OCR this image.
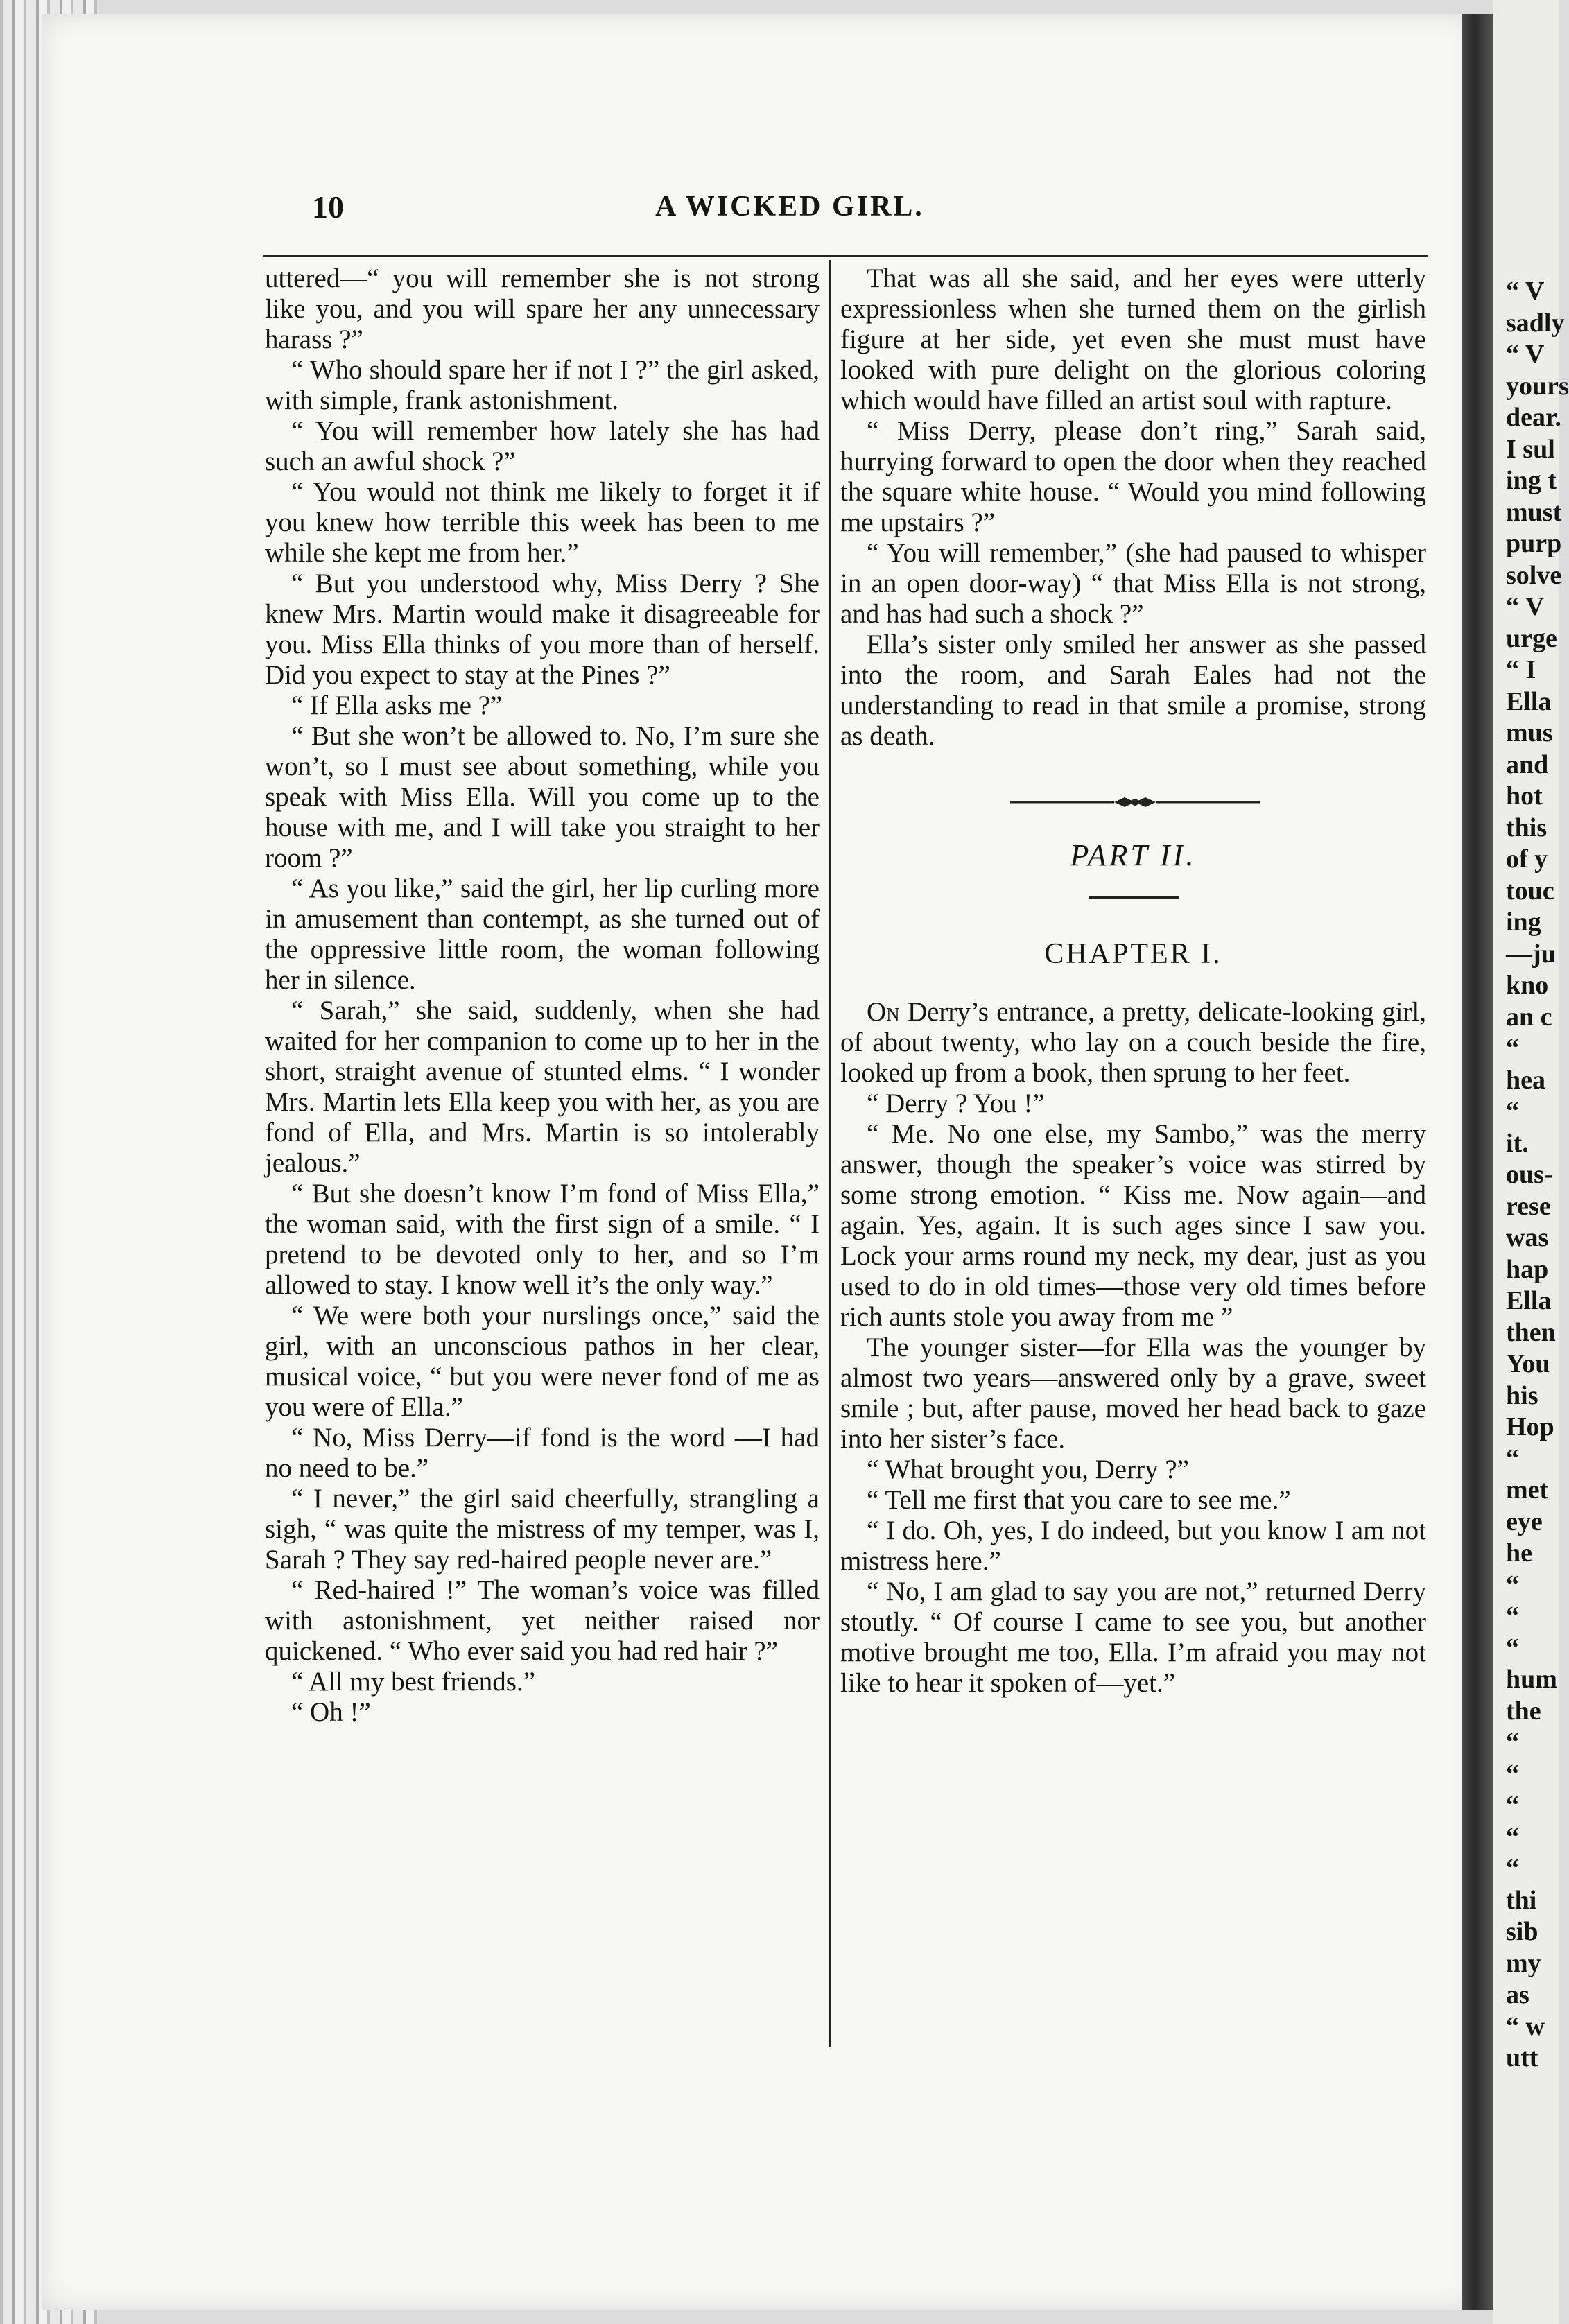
“ V
sadly
“ V
yours
dear.
I sul
ing t
must
purp
solve
“ V
urge
“ I
Ella
mus
and
hot
this
of y
touc
ing
—ju
kno
an c
“
hea
“
it.
ous-
rese
was
hap
Ella
then
You
his
Hop
“
met
eye
he
“
“
“
hum
the
“
“
“
“
“
thi
sib
my
as
“ w
utt
10	A WICKED GIRL.

uttered—“ you will remember she is not strong like you, and you will spare her any unnecessary harass ?”

“ Who should spare her if not I ?” the girl asked, with simple, frank astonishment.

“ You will remember how lately she has had such an awful shock ?”

“ You would not think me likely to forget it if you knew how terrible this week has been to me while she kept me from her.”

“ But you understood why, Miss Derry ? She knew Mrs. Martin would make it disagreeable for you. Miss Ella thinks of you more than of herself. Did you expect to stay at the Pines ?”

“ If Ella asks me ?”

“ But she won’t be allowed to. No, I’m sure she won’t, so I must see about something, while you speak with Miss Ella. Will you come up to the house with me, and I will take you straight to her room ?”

“ As you like,” said the girl, her lip curling more in amusement than contempt, as she turned out of the oppressive little room, the woman following her in silence.

“ Sarah,” she said, suddenly, when she had waited for her companion to come up to her in the short, straight avenue of stunted elms. “ I wonder Mrs. Martin lets Ella keep you with her, as you are fond of Ella, and Mrs. Martin is so intolerably jealous.”

“ But she doesn’t know I’m fond of Miss Ella,” the woman said, with the first sign of a smile. “ I pretend to be devoted only to her, and so I’m allowed to stay. I know well it’s the only way.”

“ We were both your nurslings once,” said the girl, with an unconscious pathos in her clear, musical voice, “ but you were never fond of me as you were of Ella.”

“ No, Miss Derry—if fond is the word —I had no need to be.”

“ I never,” the girl said cheerfully, strangling a sigh, “ was quite the mistress of my temper, was I, Sarah ? They say red-haired people never are.”

“ Red-haired !” The woman’s voice was filled with astonishment, yet neither raised nor quickened. “ Who ever said you had red hair ?”

“ All my best friends.”

“ Oh !”

That was all she said, and her eyes were utterly expressionless when she turned them on the girlish figure at her side, yet even she must must have looked with pure delight on the glorious coloring which would have filled an artist soul with rapture.

“ Miss Derry, please don’t ring,” Sarah said, hurrying forward to open the door when they reached the square white house. “ Would you mind following me upstairs ?”

“ You will remember,” (she had paused to whisper in an open door-way) “ that Miss Ella is not strong, and has had such a shock ?”

Ella’s sister only smiled her answer as she passed into the room, and Sarah Eales had not the understanding to read in that smile a promise, strong as death.

PART II.
CHAPTER I.

On Derry’s entrance, a pretty, delicate-looking girl, of about twenty, who lay on a couch beside the fire, looked up from a book, then sprung to her feet.

“ Derry ? You !”

“ Me. No one else, my Sambo,” was the merry answer, though the speaker’s voice was stirred by some strong emotion. “ Kiss me. Now again—and again. Yes, again. It is such ages since I saw you. Lock your arms round my neck, my dear, just as you used to do in old times—those very old times before rich aunts stole you away from me ”

The younger sister—for Ella was the younger by almost two years—answered only by a grave, sweet smile ; but, after pause, moved her head back to gaze into her sister’s face.

“ What brought you, Derry ?”

“ Tell me first that you care to see me.”

“ I do. Oh, yes, I do indeed, but you know I am not mistress here.”

“ No, I am glad to say you are not,” returned Derry stoutly. “ Of course I came to see you, but another motive brought me too, Ella. I’m afraid you may not like to hear it spoken of—yet.”
